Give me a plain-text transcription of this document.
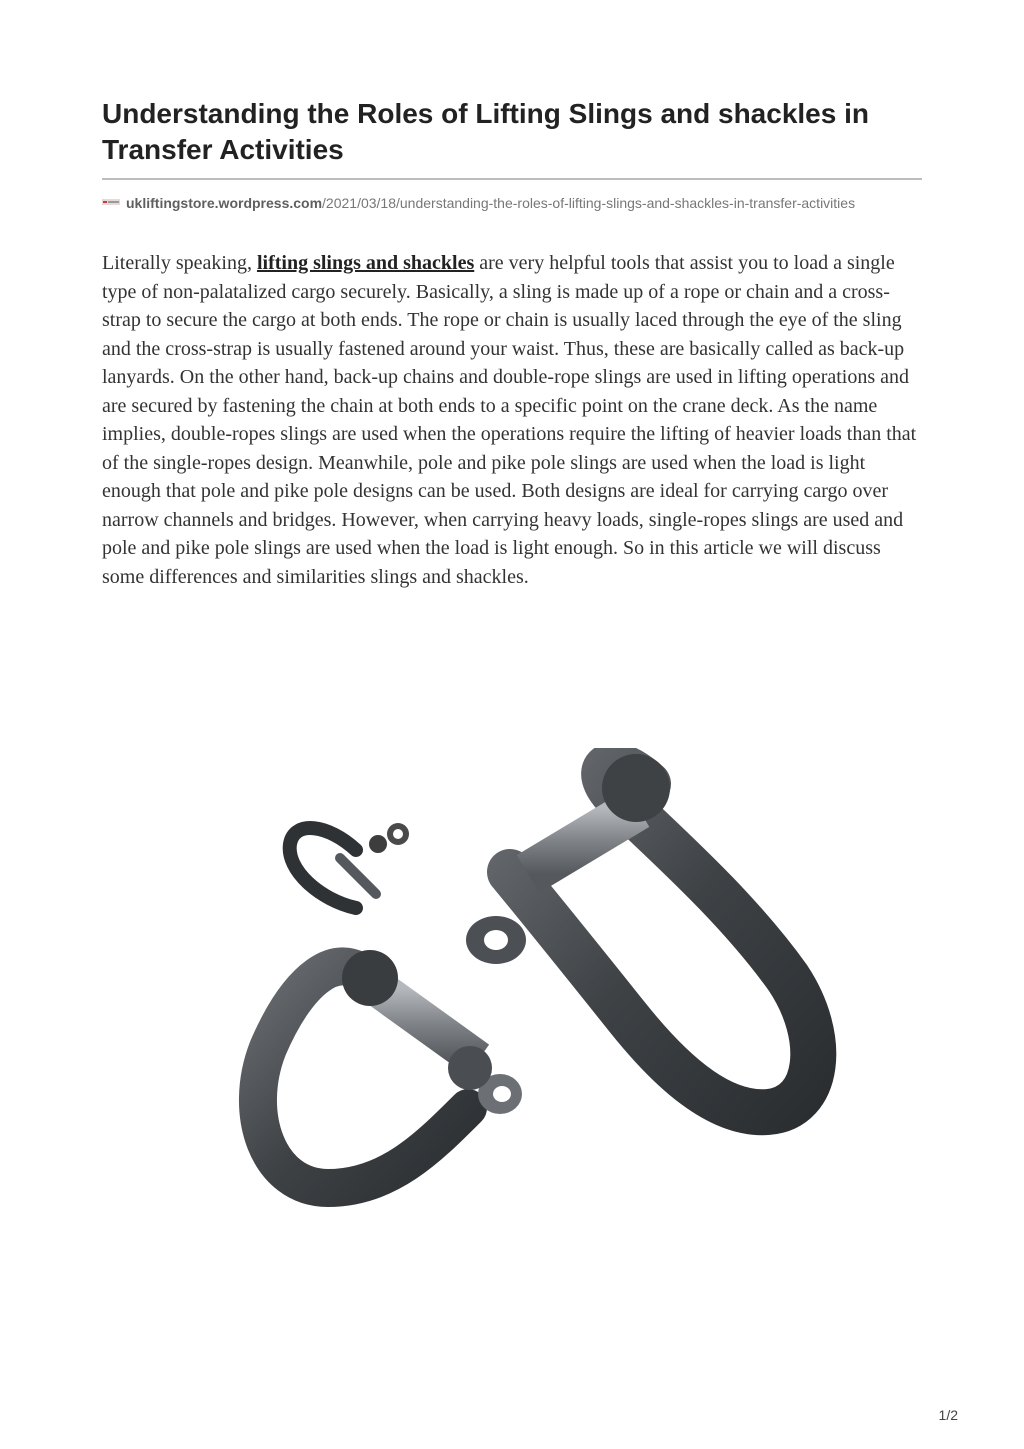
Understanding the Roles of Lifting Slings and shackles in Transfer Activities
ukliftingstore.wordpress.com/2021/03/18/understanding-the-roles-of-lifting-slings-and-shackles-in-transfer-activities

Literally speaking, lifting slings and shackles are very helpful tools that assist you to load a single type of non-palatalized cargo securely. Basically, a sling is made up of a rope or chain and a cross-strap to secure the cargo at both ends. The rope or chain is usually laced through the eye of the sling and the cross-strap is usually fastened around your waist. Thus, these are basically called as back-up lanyards. On the other hand, back-up chains and double-rope slings are used in lifting operations and are secured by fastening the chain at both ends to a specific point on the crane deck. As the name implies, double-ropes slings are used when the operations require the lifting of heavier loads than that of the single-ropes design. Meanwhile, pole and pike pole slings are used when the load is light enough that pole and pike pole designs can be used. Both designs are ideal for carrying cargo over narrow channels and bridges. However, when carrying heavy loads, single-ropes slings are used and pole and pike pole slings are used when the load is light enough. So in this article we will discuss some differences and similarities slings and shackles.

1/2
